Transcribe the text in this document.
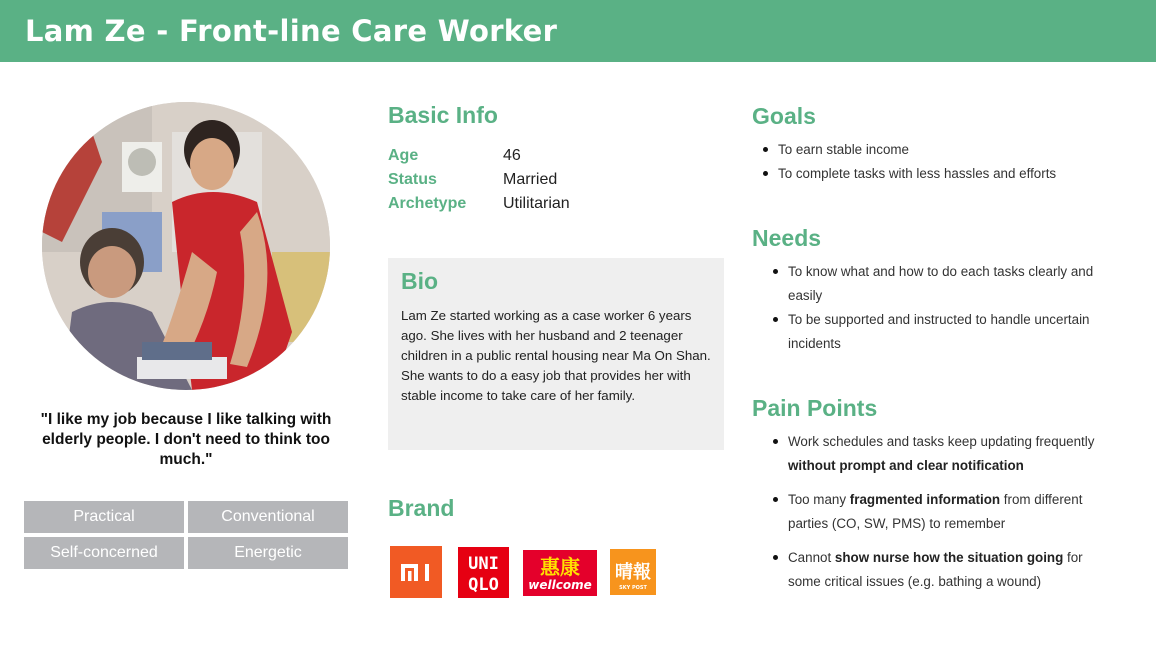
Lam Ze - Front-line Care Worker
"I like my job because I like talking with elderly people. I don't need to think too much."
Practical	Conventional
Self-concerned	Energetic
Basic Info
Age	46
Status	Married
Archetype	Utilitarian
Bio

Lam Ze started working as a case worker 6 years ago. She lives with her husband and 2 teenager children in a public rental housing near Ma On Shan. She wants to do a easy job that provides her with stable income to take care of her family.

Brand
UNI
QLO
惠康
wellcome
晴報
SKY POST
Goals
To earn stable income
To complete tasks with less hassles and efforts
Needs
To know what and how to do each tasks clearly and easily
To be supported and instructed to handle uncertain incidents
Pain Points
Work schedules and tasks keep updating frequently without prompt and clear notification
Too many fragmented information from different parties (CO, SW, PMS) to remember
Cannot show nurse how the situation going for some critical issues (e.g. bathing a wound)
